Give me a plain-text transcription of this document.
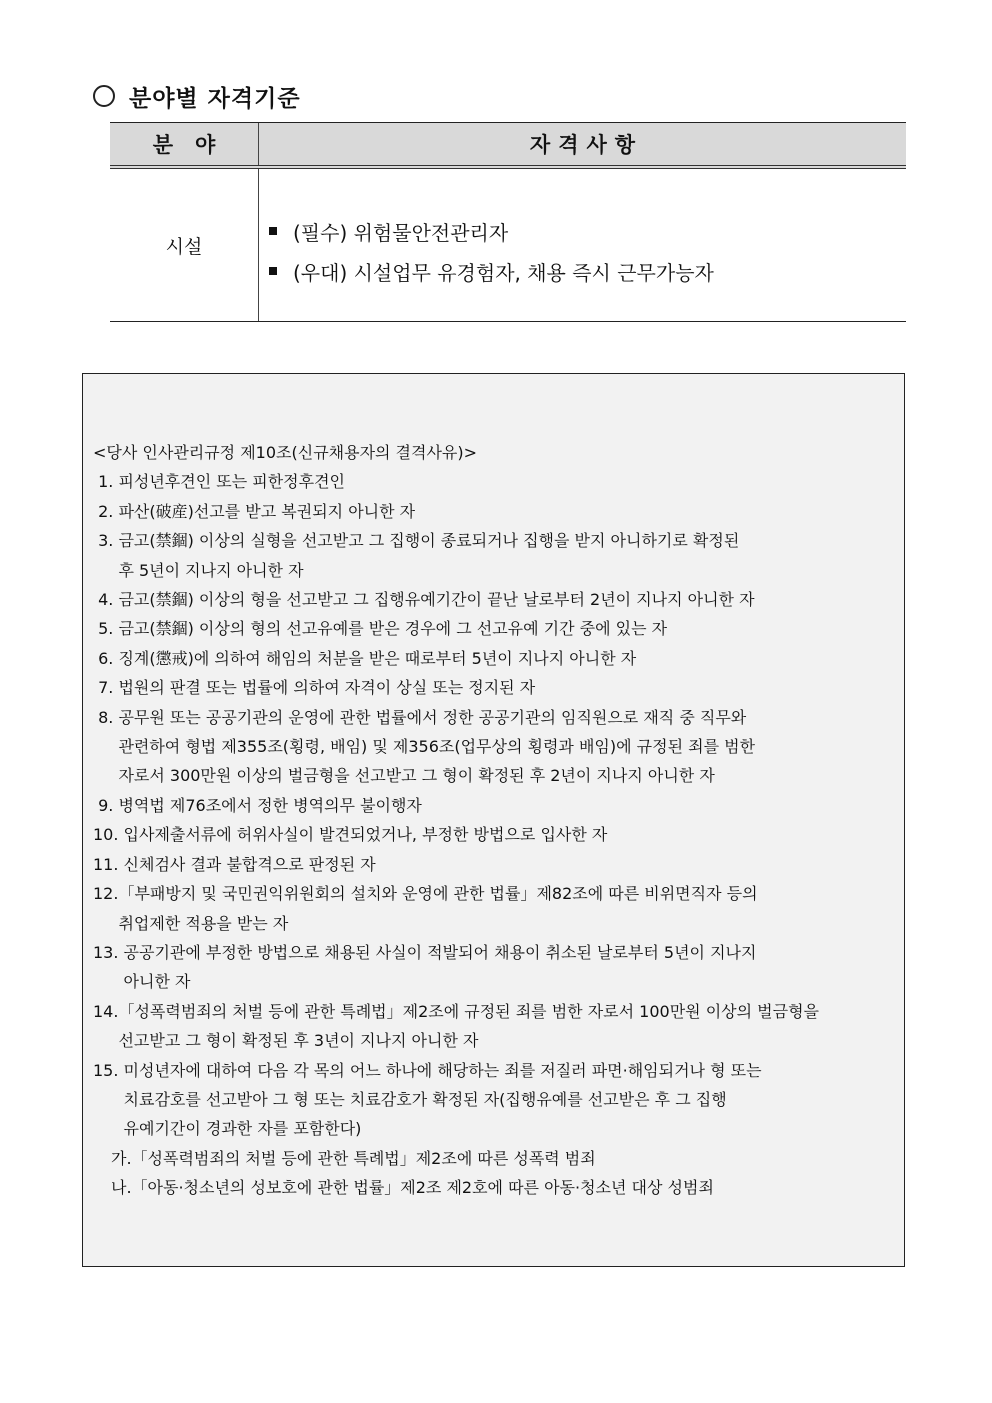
분야별 자격기준
분야	자격사항
시설
(필수) 위험물안전관리자
(우대) 시설업무 유경험자, 채용 즉시 근무가능자
<당사 인사관리규정 제10조(신규채용자의 결격사유)>
1. 피성년후견인 또는 피한정후견인
2. 파산(破産)선고를 받고 복권되지 아니한 자
3. 금고(禁錮) 이상의 실형을 선고받고 그 집행이 종료되거나 집행을 받지 아니하기로 확정된
후 5년이 지나지 아니한 자
4. 금고(禁錮) 이상의 형을 선고받고 그 집행유예기간이 끝난 날로부터 2년이 지나지 아니한 자
5. 금고(禁錮) 이상의 형의 선고유예를 받은 경우에 그 선고유예 기간 중에 있는 자
6. 징계(懲戒)에 의하여 해임의 처분을 받은 때로부터 5년이 지나지 아니한 자
7. 법원의 판결 또는 법률에 의하여 자격이 상실 또는 정지된 자
8. 공무원 또는 공공기관의 운영에 관한 법률에서 정한 공공기관의 임직원으로 재직 중 직무와
관련하여 형법 제355조(횡령, 배임) 및 제356조(업무상의 횡령과 배임)에 규정된 죄를 범한
자로서 300만원 이상의 벌금형을 선고받고 그 형이 확정된 후 2년이 지나지 아니한 자
9. 병역법 제76조에서 정한 병역의무 불이행자
10. 입사제출서류에 허위사실이 발견되었거나, 부정한 방법으로 입사한 자
11. 신체검사 결과 불합격으로 판정된 자
12. 「부패방지 및 국민권익위원회의 설치와 운영에 관한 법률」제82조에 따른 비위면직자 등의
취업제한 적용을 받는 자
13. 공공기관에 부정한 방법으로 채용된 사실이 적발되어 채용이 취소된 날로부터 5년이 지나지
아니한 자
14. 「성폭력범죄의 처벌 등에 관한 특례법」제2조에 규정된 죄를 범한 자로서 100만원 이상의 벌금형을
선고받고 그 형이 확정된 후 3년이 지나지 아니한 자
15. 미성년자에 대하여 다음 각 목의 어느 하나에 해당하는 죄를 저질러 파면·해임되거나 형 또는
치료감호를 선고받아 그 형 또는 치료감호가 확정된 자(집행유예를 선고받은 후 그 집행
유예기간이 경과한 자를 포함한다)
가.「성폭력범죄의 처벌 등에 관한 특례법」제2조에 따른 성폭력 범죄
나.「아동·청소년의 성보호에 관한 법률」제2조 제2호에 따른 아동·청소년 대상 성범죄
